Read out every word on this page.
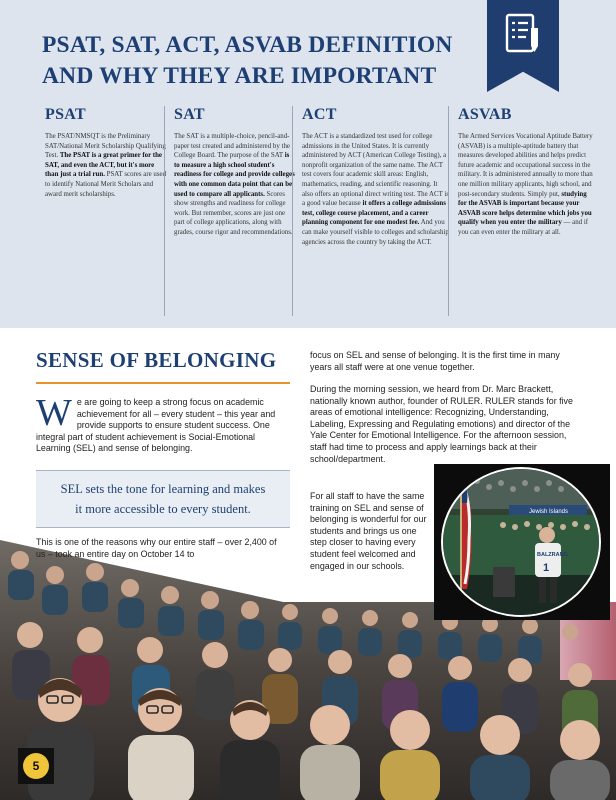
PSAT, SAT, ACT, ASVAB DEFINITION
AND WHY THEY ARE IMPORTANT
PSAT

The PSAT/NMSQT is the Preliminary SAT/National Merit Scholarship Qualifying Test. The PSAT is a great primer for the SAT, and even the ACT, but it's more than just a trial run. PSAT scores are used to identify National Merit Scholars and award merit scholarships.

SAT

The SAT is a multiple-choice, pencil-and-paper test created and administered by the College Board. The purpose of the SAT is to measure a high school student's readiness for college and provide colleges with one common data point that can be used to compare all applicants. Scores show strengths and readiness for college work. But remember, scores are just one part of college applications, along with grades, course rigor and recommendations.

ACT

The ACT is a standardized test used for college admissions in the United States. It is currently administered by ACT (American College Testing), a nonprofit organization of the same name. The ACT test covers four academic skill areas: English, mathematics, reading, and scientific reasoning. It also offers an optional direct writing test. The ACT is a good value because it offers a college admissions test, college course placement, and a career planning component for one modest fee. And you can make yourself visible to colleges and scholarship agencies across the country by taking the ACT.

ASVAB

The Armed Services Vocational Aptitude Battery (ASVAB) is a multiple-aptitude battery that measures developed abilities and helps predict future academic and occupational success in the military. It is administered annually to more than one million military applicants, high school, and post-secondary students. Simply put, studying for the ASVAB is important because your ASVAB score helps determine which jobs you qualify when you enter the military — and if you can even enter the military at all.

SENSE OF BELONGING

We are going to keep a strong focus on academic achievement for all – every student – this year and provide supports to ensure student success. One integral part of student achievement is Social-Emotional Learning (SEL) and sense of belonging.

SEL sets the tone for learning and makes
it more accessible to every student.

This is one of the reasons why our entire staff – over 2,400 of us – took an entire day on October 14 to

focus on SEL and sense of belonging. It is the first time in many years all staff were at one venue together.

During the morning session, we heard from Dr. Marc Brackett, nationally known author, founder of RULER. RULER stands for five areas of emotional intelligence: Recognizing, Understanding, Labeling, Expressing and Regulating emotions) and director of the Yale Center for Emotional Intelligence. For the afternoon session, staff had time to process and apply learnings back at their school/department.

For all staff to have the same training on SEL and sense of belonging is wonderful for our students and brings us one step closer to having every student feel welcomed and engaged in our schools.

Jewish Islands
BALZRANG
1
5
